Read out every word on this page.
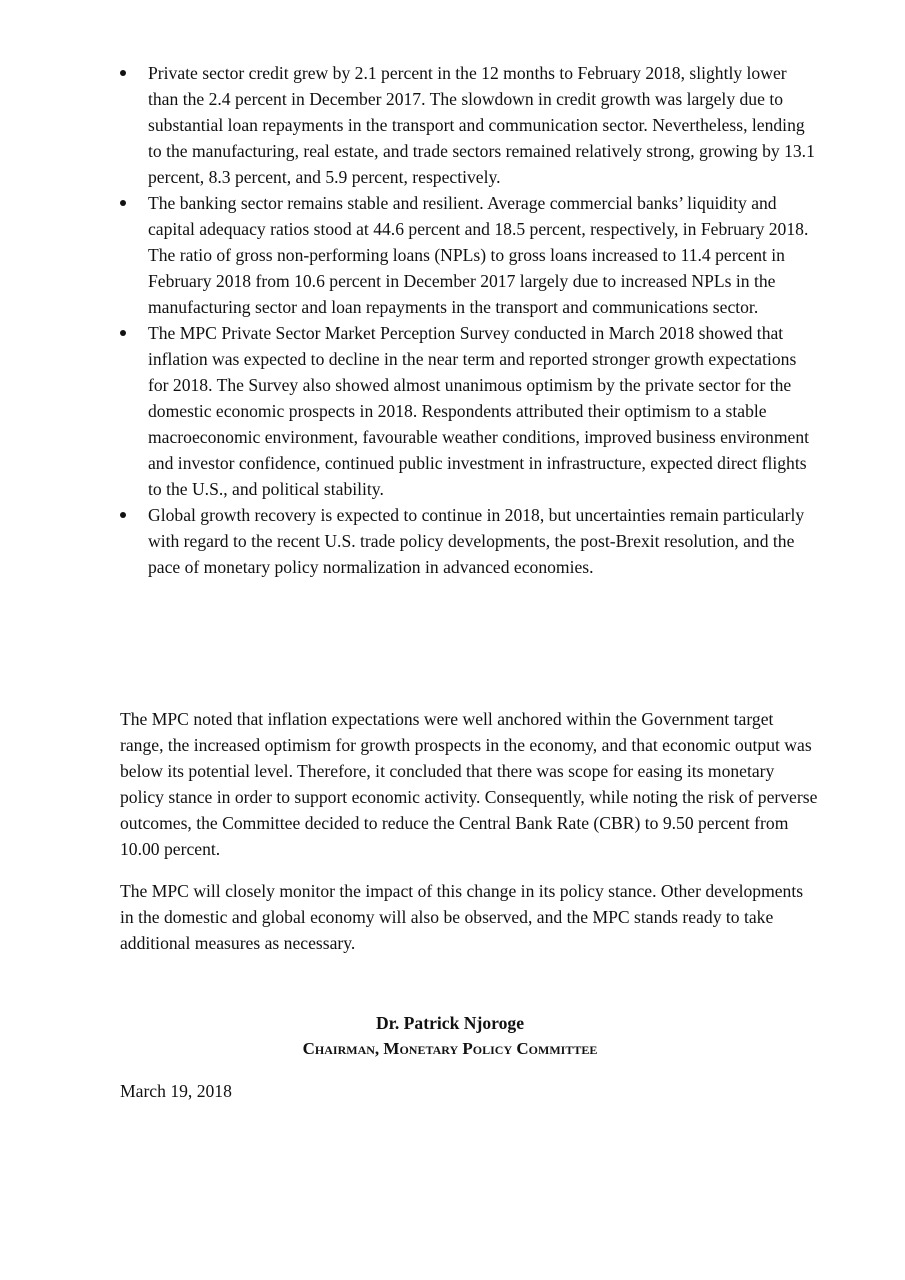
Private sector credit grew by 2.1 percent in the 12 months to February 2018, slightly lower than the 2.4 percent in December 2017. The slowdown in credit growth was largely due to substantial loan repayments in the transport and communication sector. Nevertheless, lending to the manufacturing, real estate, and trade sectors remained relatively strong, growing by 13.1 percent, 8.3 percent, and 5.9 percent, respectively.
The banking sector remains stable and resilient. Average commercial banks’ liquidity and capital adequacy ratios stood at 44.6 percent and 18.5 percent, respectively, in February 2018. The ratio of gross non-performing loans (NPLs) to gross loans increased to 11.4 percent in February 2018 from 10.6 percent in December 2017 largely due to increased NPLs in the manufacturing sector and loan repayments in the transport and communications sector.
The MPC Private Sector Market Perception Survey conducted in March 2018 showed that inflation was expected to decline in the near term and reported stronger growth expectations for 2018. The Survey also showed almost unanimous optimism by the private sector for the domestic economic prospects in 2018. Respondents attributed their optimism to a stable macroeconomic environment, favourable weather conditions, improved business environment and investor confidence, continued public investment in infrastructure, expected direct flights to the U.S., and political stability.
Global growth recovery is expected to continue in 2018, but uncertainties remain particularly with regard to the recent U.S. trade policy developments, the post-Brexit resolution, and the pace of monetary policy normalization in advanced economies.

The MPC noted that inflation expectations were well anchored within the Government target range, the increased optimism for growth prospects in the economy, and that economic output was below its potential level. Therefore, it concluded that there was scope for easing its monetary policy stance in order to support economic activity. Consequently, while noting the risk of perverse outcomes, the Committee decided to reduce the Central Bank Rate (CBR) to 9.50 percent from 10.00 percent.

The MPC will closely monitor the impact of this change in its policy stance. Other developments in the domestic and global economy will also be observed, and the MPC stands ready to take additional measures as necessary.

Dr. Patrick Njoroge
Chairman, Monetary Policy Committee
March 19, 2018
